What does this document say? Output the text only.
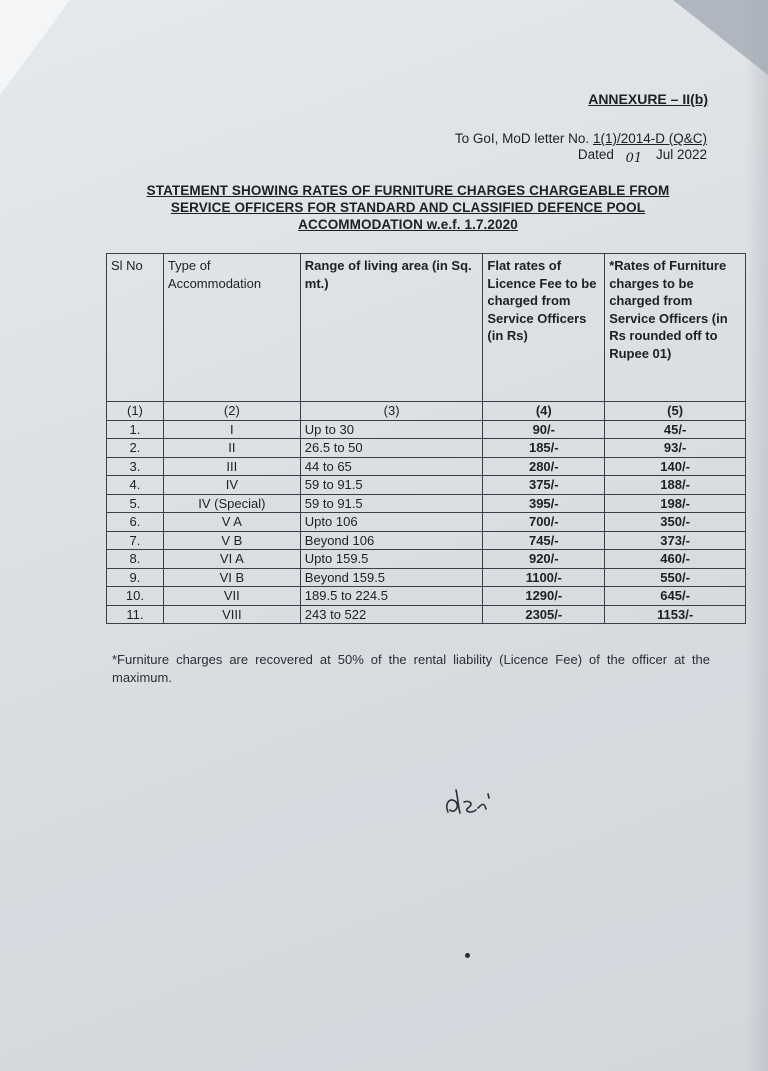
ANNEXURE – II(b)
To GoI, MoD letter No. 1(1)/2014-D (Q&C)
Dated 01 Jul 2022
STATEMENT SHOWING RATES OF FURNITURE CHARGES CHARGEABLE FROM
SERVICE OFFICERS FOR STANDARD AND CLASSIFIED DEFENCE POOL
ACCOMMODATION w.e.f. 1.7.2020
Sl No	Type of Accommodation	Range of living area (in Sq. mt.)	Flat rates of Licence Fee to be charged from Service Officers (in Rs)	*Rates of Furniture charges to be charged from Service Officers (in Rs rounded off to Rupee 01)
(1)	(2)	(3)	(4)	(5)
1.	I	Up to 30	90/-	45/-
2.	II	26.5 to 50	185/-	93/-
3.	III	44 to 65	280/-	140/-
4.	IV	59 to 91.5	375/-	188/-
5.	IV (Special)	59 to 91.5	395/-	198/-
6.	V A	Upto 106	700/-	350/-
7.	V B	Beyond 106	745/-	373/-
8.	VI A	Upto 159.5	920/-	460/-
9.	VI B	Beyond 159.5	1100/-	550/-
10.	VII	189.5 to 224.5	1290/-	645/-
11.	VIII	243 to 522	2305/-	1153/-
*Furniture charges are recovered at 50% of the rental liability (Licence Fee) of the officer at the maximum.
